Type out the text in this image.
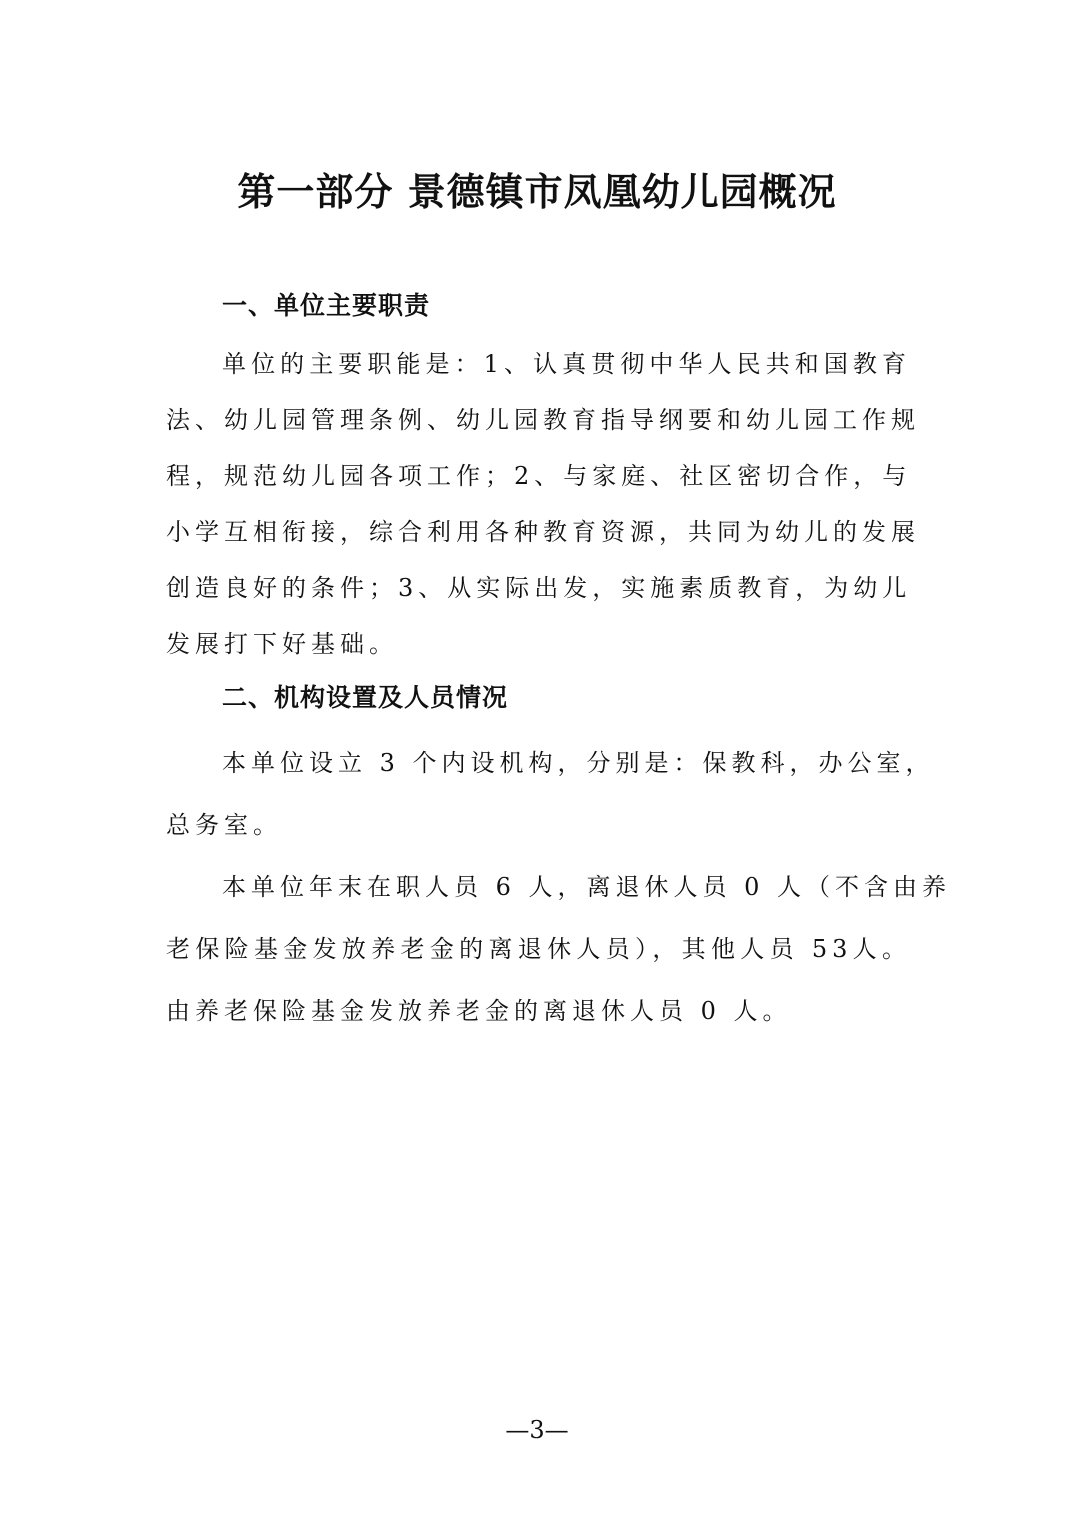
第一部分 景德镇市凤凰幼儿园概况
一、单位主要职责
单位的主要职能是：1、认真贯彻中华人民共和国教育
法、幼儿园管理条例、幼儿园教育指导纲要和幼儿园工作规
程，规范幼儿园各项工作；2、与家庭、社区密切合作，与
小学互相衔接，综合利用各种教育资源，共同为幼儿的发展
创造良好的条件；3、从实际出发，实施素质教育，为幼儿
发展打下好基础。
二、机构设置及人员情况
本单位设立 3 个内设机构，分别是：保教科，办公室，
总务室。
本单位年末在职人员 6 人，离退休人员 0 人（不含由养
老保险基金发放养老金的离退休人员），其他人员 53人。
由养老保险基金发放养老金的离退休人员 0 人。
—3—
